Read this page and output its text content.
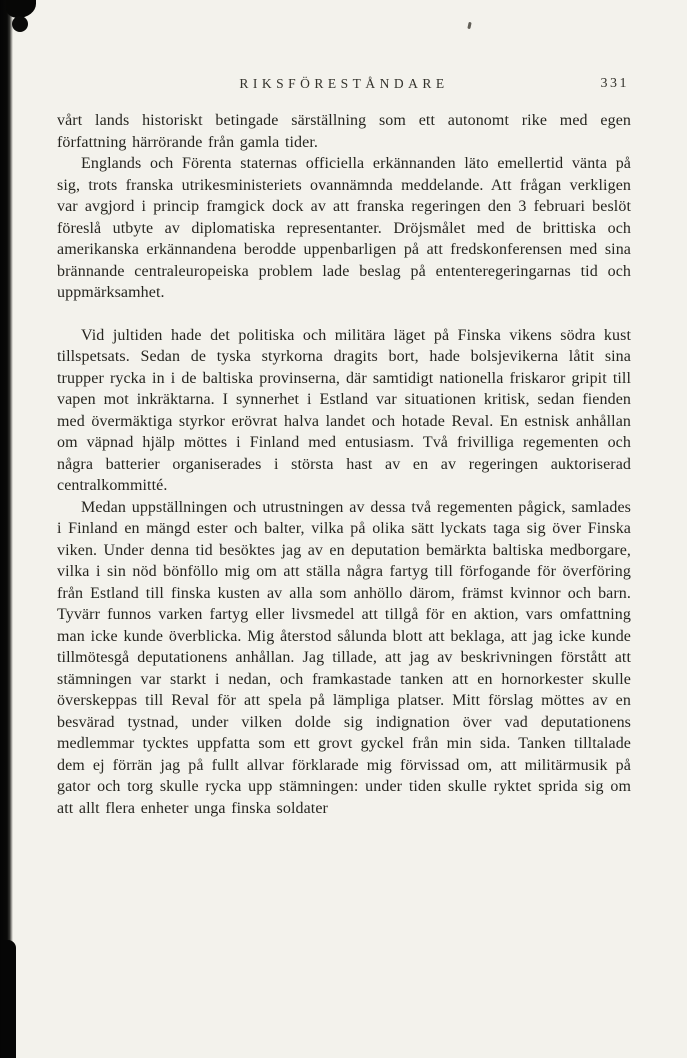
RIKSFÖRESTÅNDARE	331

vårt lands historiskt betingade särställning som ett autonomt rike med egen författning härrörande från gamla tider.

Englands och Förenta staternas officiella erkännanden läto emellertid vänta på sig, trots franska utrikesministeriets ovannämnda meddelande. Att frågan verkligen var avgjord i princip framgick dock av att franska regeringen den 3 februari beslöt föreslå utbyte av diplomatiska representanter. Dröjsmålet med de brittiska och amerikanska erkännandena berodde uppenbarligen på att fredskonferensen med sina brännande centraleuropeiska problem lade beslag på ententeregeringarnas tid och uppmärksamhet.

Vid jultiden hade det politiska och militära läget på Finska vikens södra kust tillspetsats. Sedan de tyska styrkorna dragits bort, hade bolsjevikerna låtit sina trupper rycka in i de baltiska provinserna, där samtidigt nationella friskaror gripit till vapen mot inkräktarna. I synnerhet i Estland var situationen kritisk, sedan fienden med övermäktiga styrkor erövrat halva landet och hotade Reval. En estnisk anhållan om väpnad hjälp möttes i Finland med entusiasm. Två frivilliga regementen och några batterier organiserades i största hast av en av regeringen auktoriserad centralkommitté.

Medan uppställningen och utrustningen av dessa två regementen pågick, samlades i Finland en mängd ester och balter, vilka på olika sätt lyckats taga sig över Finska viken. Under denna tid besöktes jag av en deputation bemärkta baltiska medborgare, vilka i sin nöd bönföllo mig om att ställa några fartyg till förfogande för överföring från Estland till finska kusten av alla som anhöllo därom, främst kvinnor och barn. Tyvärr funnos varken fartyg eller livsmedel att tillgå för en aktion, vars omfattning man icke kunde överblicka. Mig återstod sålunda blott att beklaga, att jag icke kunde tillmötesgå deputationens anhållan. Jag tillade, att jag av beskrivningen förstått att stämningen var starkt i nedan, och framkastade tanken att en hornorkester skulle överskeppas till Reval för att spela på lämpliga platser. Mitt förslag möttes av en besvärad tystnad, under vilken dolde sig indignation över vad deputationens medlemmar tycktes uppfatta som ett grovt gyckel från min sida. Tanken tilltalade dem ej förrän jag på fullt allvar förklarade mig förvissad om, att militärmusik på gator och torg skulle rycka upp stämningen: under tiden skulle ryktet sprida sig om att allt flera enheter unga finska soldater
